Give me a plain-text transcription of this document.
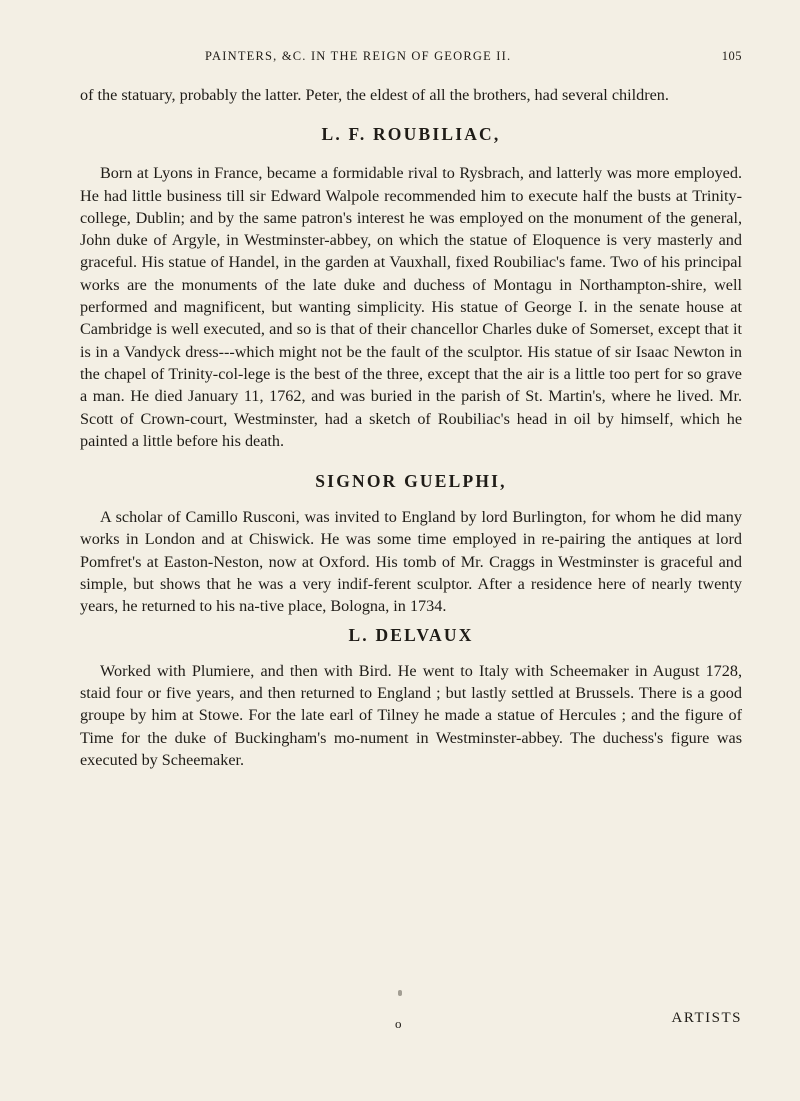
PAINTERS, &C. IN THE REIGN OF GEORGE II.	105

of the statuary, probably the latter. Peter, the eldest of all the brothers, had several children.

L. F. ROUBILIAC,

Born at Lyons in France, became a formidable rival to Rysbrach, and latterly was more employed. He had little business till sir Edward Walpole recommended him to execute half the busts at Trinity-college, Dublin; and by the same patron's interest he was employed on the monument of the general, John duke of Argyle, in Westminster-abbey, on which the statue of Eloquence is very masterly and graceful. His statue of Handel, in the garden at Vauxhall, fixed Roubiliac's fame. Two of his principal works are the monuments of the late duke and duchess of Montagu in Northampton-shire, well performed and magnificent, but wanting simplicity. His statue of George I. in the senate house at Cambridge is well executed, and so is that of their chancellor Charles duke of Somerset, except that it is in a Vandyck dress---which might not be the fault of the sculptor. His statue of sir Isaac Newton in the chapel of Trinity-col-lege is the best of the three, except that the air is a little too pert for so grave a man. He died January 11, 1762, and was buried in the parish of St. Martin's, where he lived. Mr. Scott of Crown-court, Westminster, had a sketch of Roubiliac's head in oil by himself, which he painted a little before his death.

SIGNOR GUELPHI,

A scholar of Camillo Rusconi, was invited to England by lord Burlington, for whom he did many works in London and at Chiswick. He was some time employed in re-pairing the antiques at lord Pomfret's at Easton-Neston, now at Oxford. His tomb of Mr. Craggs in Westminster is graceful and simple, but shows that he was a very indif-ferent sculptor. After a residence here of nearly twenty years, he returned to his na-tive place, Bologna, in 1734.

L. DELVAUX

Worked with Plumiere, and then with Bird. He went to Italy with Scheemaker in August 1728, staid four or five years, and then returned to England ; but lastly settled at Brussels. There is a good groupe by him at Stowe. For the late earl of Tilney he made a statue of Hercules ; and the figure of Time for the duke of Buckingham's mo-nument in Westminster-abbey. The duchess's figure was executed by Scheemaker.

o	ARTISTS
